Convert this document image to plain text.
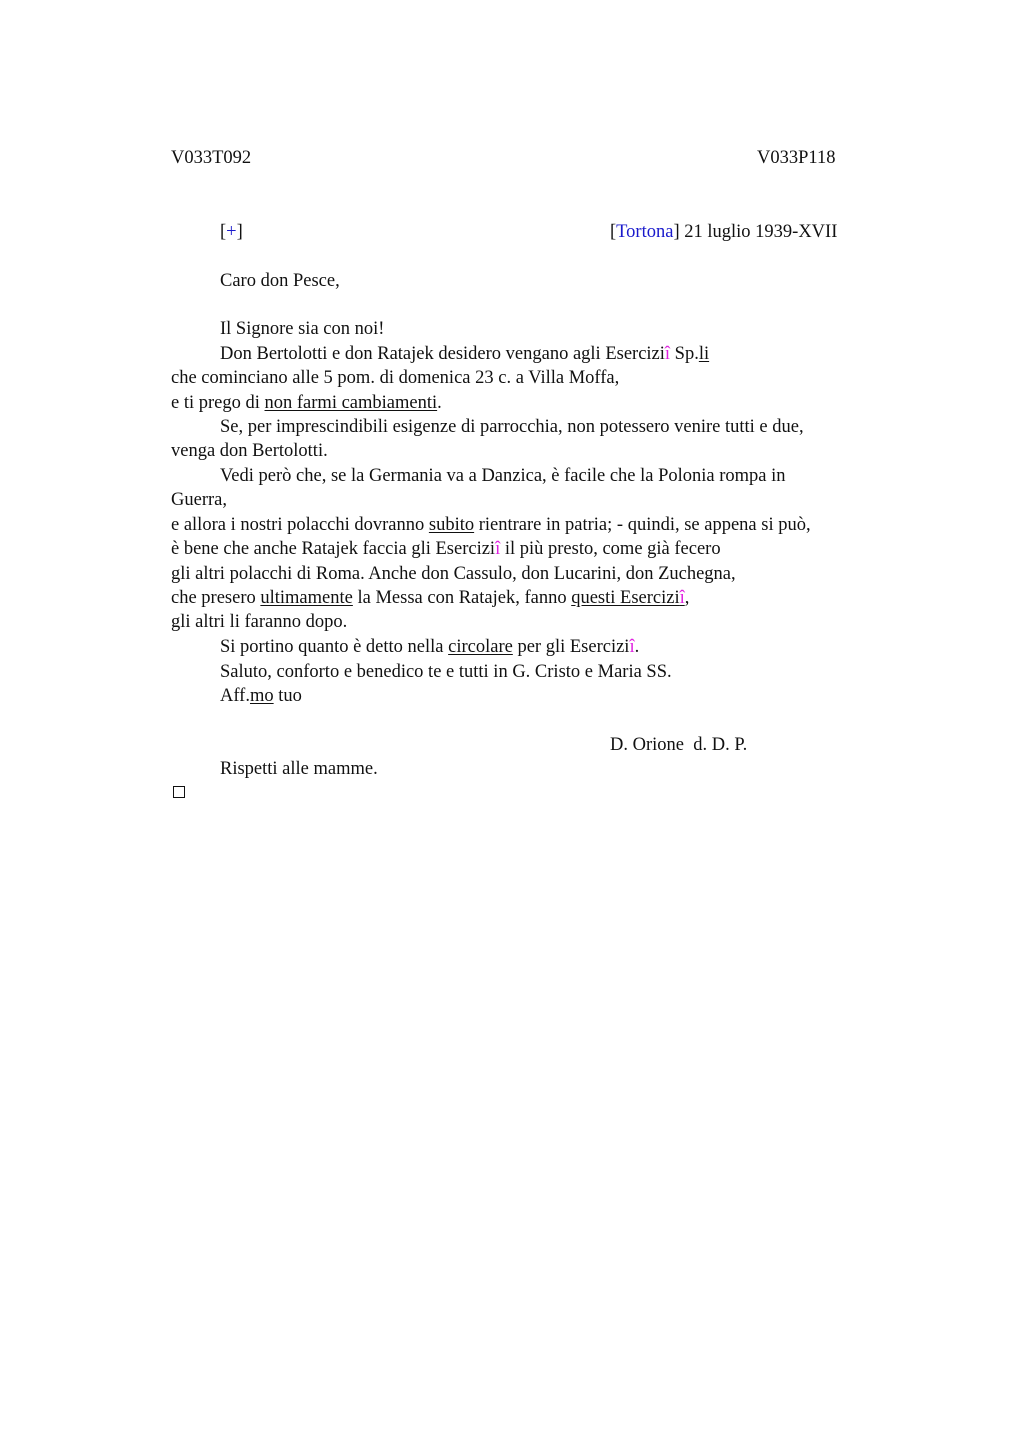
V033T092	V033P118
[+]	[Tortona] 21 luglio 1939-XVII
Caro don Pesce,
Il Signore sia con noi!
Don Bertolotti e don Ratajek desidero vengano agli Eserciziî Sp.li
che cominciano alle 5 pom. di domenica 23 c. a Villa Moffa,
e ti prego di non farmi cambiamenti.
Se, per imprescindibili esigenze di parrocchia, non potessero venire tutti e due,
venga don Bertolotti.
Vedi però che, se la Germania va a Danzica, è facile che la Polonia rompa in
Guerra,
e allora i nostri polacchi dovranno subito rientrare in patria; - quindi, se appena si può,
è bene che anche Ratajek faccia gli Eserciziî il più presto, come già fecero
gli altri polacchi di Roma. Anche don Cassulo, don Lucarini, don Zuchegna,
che presero ultimamente la Messa con Ratajek, fanno questi Eserciziî,
gli altri li faranno dopo.
Si portino quanto è detto nella circolare per gli Eserciziî.
Saluto, conforto e benedico te e tutti in G. Cristo e Maria SS.
Aff.mo tuo
D. Orione  d. D. P.
Rispetti alle mamme.
